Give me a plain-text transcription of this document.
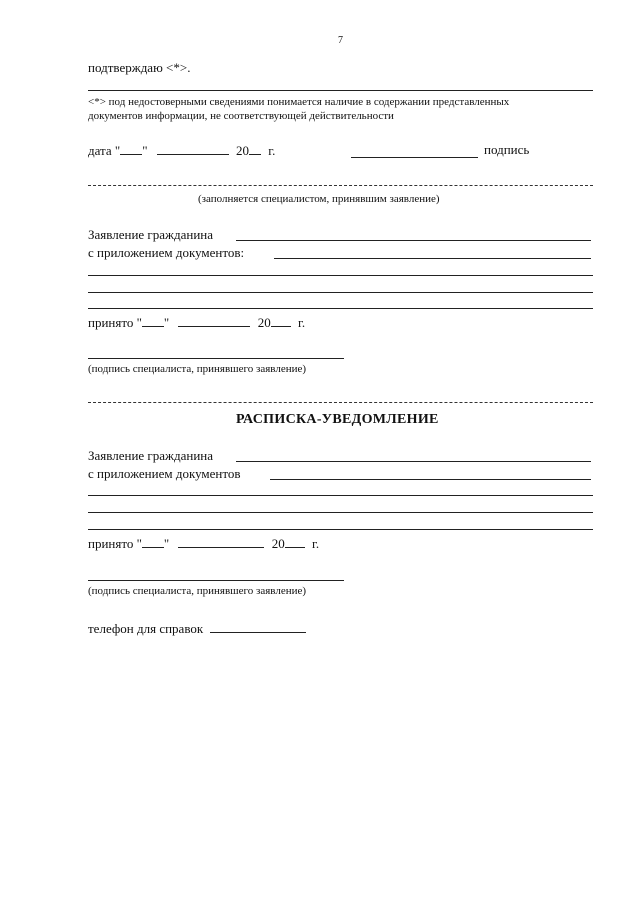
7
подтверждаю <*>.
<*> под недостоверными сведениями понимается наличие в содержании представленных
документов информации, не соответствующей действительности
дата " "	20 г.	подпись
(заполняется специалистом, принявшим заявление)
Заявление гражданина
с приложением документов:
принято " "	20 г.
(подпись специалиста, принявшего заявление)
РАСПИСКА-УВЕДОМЛЕНИЕ
Заявление гражданина
с приложением документов
принято " "	20 г.
(подпись специалиста, принявшего заявление)
телефон для справок
